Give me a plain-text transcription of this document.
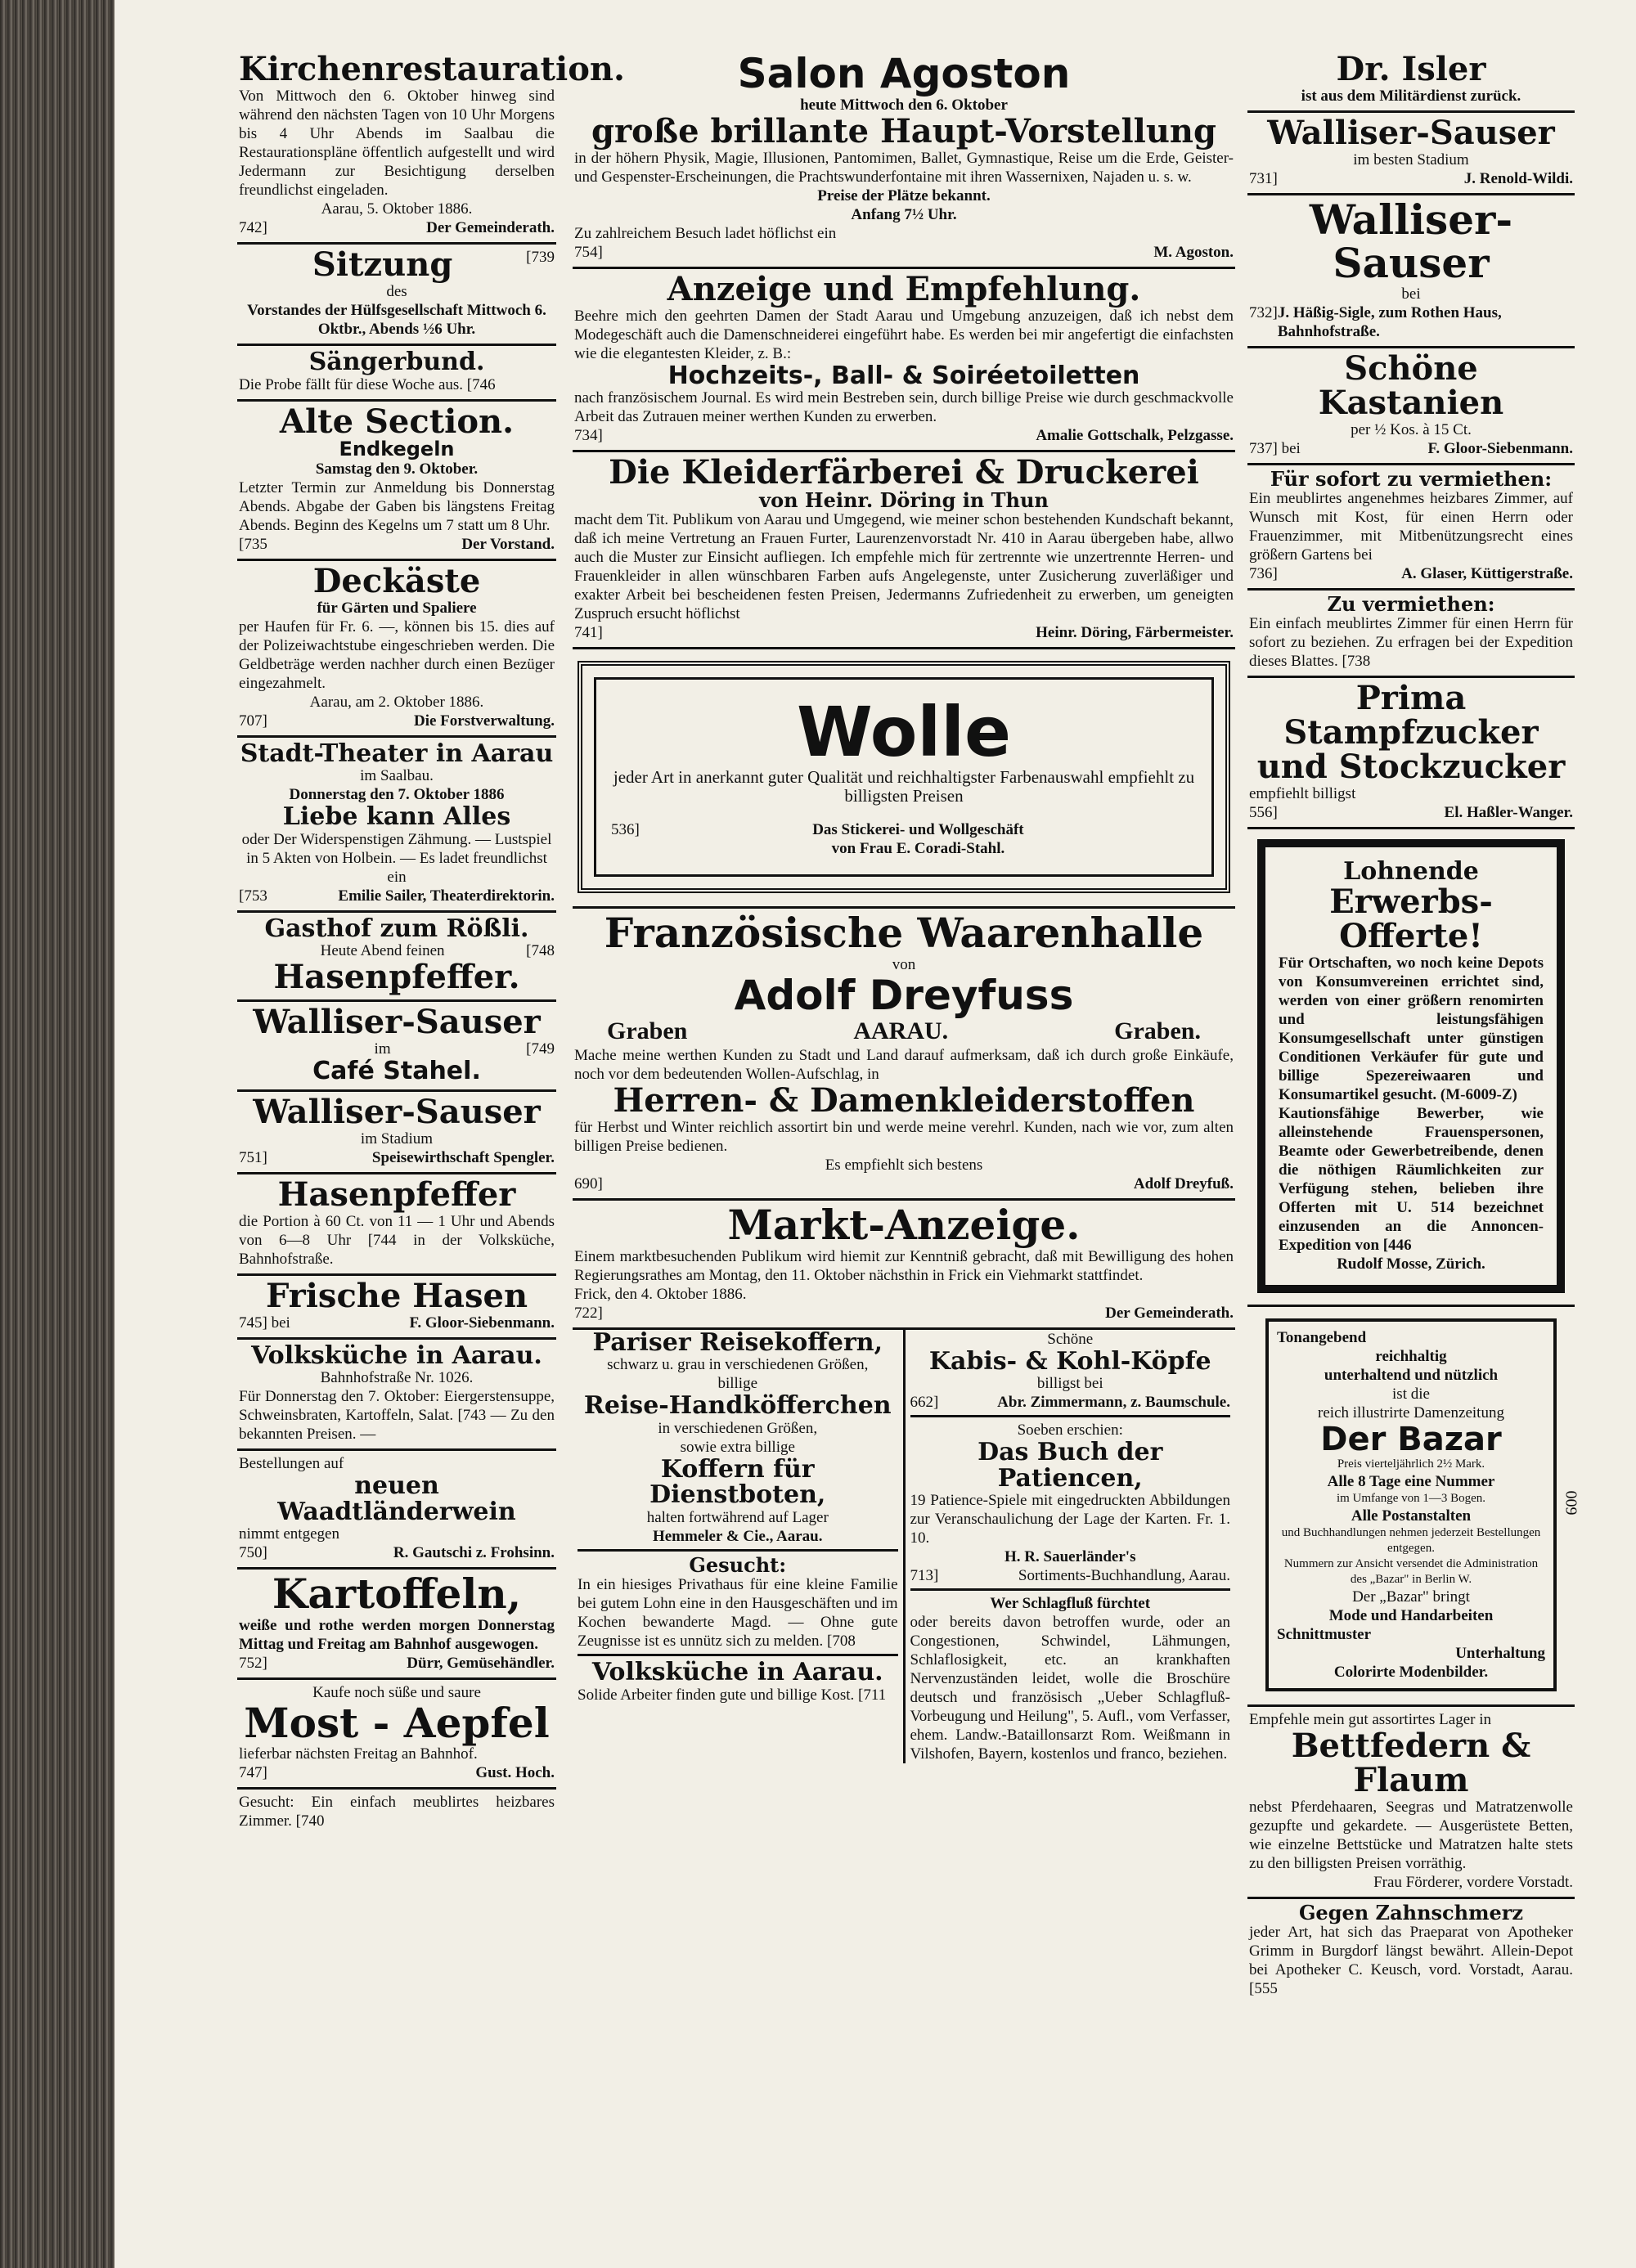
Kirchenrestauration.

Von Mittwoch den 6. Oktober hinweg sind während den nächsten Tagen von 10 Uhr Morgens bis 4 Uhr Abends im Saalbau die Restaurationspläne öffentlich aufgestellt und wird Jedermann zur Besichtigung derselben freundlichst eingeladen.

Aarau, 5. Oktober 1886.

742]	Der Gemeinderath.
Sitzung	[739

des

Vorstandes der Hülfsgesellschaft Mittwoch 6. Oktbr., Abends ½6 Uhr.

Sängerbund.

Die Probe fällt für diese Woche aus. [746

Alte Section.

Endkegeln

Samstag den 9. Oktober.

Letzter Termin zur Anmeldung bis Donnerstag Abends. Abgabe der Gaben bis längstens Freitag Abends. Beginn des Kegelns um 7 statt um 8 Uhr.

[735	Der Vorstand.

Deckäste

für Gärten und Spaliere

per Haufen für Fr. 6. —, können bis 15. dies auf der Polizeiwachtstube eingeschrieben werden. Die Geldbeträge werden nachher durch einen Bezüger eingezahmelt.

Aarau, am 2. Oktober 1886.

707]	Die Forstverwaltung.

Stadt-Theater in Aarau

im Saalbau.

Donnerstag den 7. Oktober 1886

Liebe kann Alles

oder Der Widerspenstigen Zähmung. — Lustspiel in 5 Akten von Holbein. — Es ladet freundlichst ein

[753	Emilie Sailer, Theaterdirektorin.

Gasthof zum Rößli.

Heute Abend feinen	[748

Hasenpfeffer.

Walliser-Sauser

im	[749

Café Stahel.

Walliser-Sauser

im Stadium

751]	Speisewirthschaft Spengler.

Hasenpfeffer

die Portion à 60 Ct. von 11 — 1 Uhr und Abends von 6—8 Uhr [744 in der Volksküche, Bahnhofstraße.

Frische Hasen

745] bei	F. Gloor-Siebenmann.

Volksküche in Aarau.

Bahnhofstraße Nr. 1026.

Für Donnerstag den 7. Oktober: Eiergerstensuppe, Schweinsbraten, Kartoffeln, Salat. [743 — Zu den bekannten Preisen. —

Bestellungen auf

neuen Waadtländerwein

nimmt entgegen

750]	R. Gautschi z. Frohsinn.

Kartoffeln,

weiße und rothe werden morgen Donnerstag Mittag und Freitag am Bahnhof ausgewogen.

752]	Dürr, Gemüsehändler.

Kaufe noch süße und saure

Most - Aepfel

lieferbar nächsten Freitag an Bahnhof.

747]	Gust. Hoch.

Gesucht: Ein einfach meublirtes heizbares Zimmer. [740

Salon Agoston

heute Mittwoch den 6. Oktober

große brillante Haupt-Vorstellung

in der höhern Physik, Magie, Illusionen, Pantomimen, Ballet, Gymnastique, Reise um die Erde, Geister- und Gespenster-Erscheinungen, die Prachtswunderfontaine mit ihren Wassernixen, Najaden u. s. w.

Preise der Plätze bekannt.

Anfang 7½ Uhr.

Zu zahlreichem Besuch ladet höflichst ein

754]	M. Agoston.

Anzeige und Empfehlung.

Beehre mich den geehrten Damen der Stadt Aarau und Umgebung anzuzeigen, daß ich nebst dem Modegeschäft auch die Damenschneiderei eingeführt habe. Es werden bei mir angefertigt die einfachsten wie die elegantesten Kleider, z. B.:

Hochzeits-, Ball- & Soiréetoiletten

nach französischem Journal. Es wird mein Bestreben sein, durch billige Preise wie durch geschmackvolle Arbeit das Zutrauen meiner werthen Kunden zu erwerben.

734]	Amalie Gottschalk, Pelzgasse.

Die Kleiderfärberei & Druckerei

von Heinr. Döring in Thun

macht dem Tit. Publikum von Aarau und Umgegend, wie meiner schon bestehenden Kundschaft bekannt, daß ich meine Vertretung an Frauen Furter, Laurenzenvorstadt Nr. 410 in Aarau übergeben habe, allwo auch die Muster zur Einsicht aufliegen. Ich empfehle mich für zertrennte wie unzertrennte Herren- und Frauenkleider in allen wünschbaren Farben aufs Angelegenste, unter Zusicherung zuverläßiger und exakter Arbeit bei bescheidenen festen Preisen, Jedermanns Zufriedenheit zu erwerben, um geneigten Zuspruch ersucht höflichst

741]	Heinr. Döring, Färbermeister.

Wolle

jeder Art in anerkannt guter Qualität und reichhaltigster Farbenauswahl empfiehlt zu billigsten Preisen

536]	Das Stickerei- und Wollgeschäft
von Frau E. Coradi-Stahl.

Französische Waarenhalle

von

Adolf Dreyfuss

Graben	AARAU.	Graben.

Mache meine werthen Kunden zu Stadt und Land darauf aufmerksam, daß ich durch große Einkäufe, noch vor dem bedeutenden Wollen-Aufschlag, in

Herren- & Damenkleiderstoffen

für Herbst und Winter reichlich assortirt bin und werde meine verehrl. Kunden, nach wie vor, zum alten billigen Preise bedienen.

Es empfiehlt sich bestens

690]	Adolf Dreyfuß.

Markt-Anzeige.

Einem marktbesuchenden Publikum wird hiemit zur Kenntniß gebracht, daß mit Bewilligung des hohen Regierungsrathes am Montag, den 11. Oktober nächsthin in Frick ein Viehmarkt stattfindet.

Frick, den 4. Oktober 1886.

722]	Der Gemeinderath.

Pariser Reisekoffern,

schwarz u. grau in verschiedenen Größen,

billige

Reise-Handköfferchen

in verschiedenen Größen,

sowie extra billige

Koffern für Dienstboten,

halten fortwährend auf Lager

Hemmeler & Cie., Aarau.

Gesucht:

In ein hiesiges Privathaus für eine kleine Familie bei gutem Lohn eine in den Hausgeschäften und im Kochen bewanderte Magd. — Ohne gute Zeugnisse ist es unnütz sich zu melden. [708

Volksküche in Aarau.

Solide Arbeiter finden gute und billige Kost. [711

Schöne

Kabis- & Kohl-Köpfe

billigst bei

662]	Abr. Zimmermann, z. Baumschule.

Soeben erschien:

Das Buch der Patiencen,

19 Patience-Spiele mit eingedruckten Abbildungen zur Veranschaulichung der Lage der Karten. Fr. 1. 10.

H. R. Sauerländer's

713]	Sortiments-Buchhandlung, Aarau.

Wer Schlagfluß fürchtet

oder bereits davon betroffen wurde, oder an Congestionen, Schwindel, Lähmungen, Schlaflosigkeit, etc. an krankhaften Nervenzuständen leidet, wolle die Broschüre deutsch und französisch „Ueber Schlagfluß-Vorbeugung und Heilung", 5. Aufl., vom Verfasser, ehem. Landw.-Bataillonsarzt Rom. Weißmann in Vilshofen, Bayern, kostenlos und franco, beziehen.

Dr. Isler

ist aus dem Militärdienst zurück.

Walliser-Sauser

im besten Stadium

731]	J. Renold-Wildi.

Walliser-Sauser

bei

732] J. Häßig-Sigle, zum Rothen Haus, Bahnhofstraße.

Schöne Kastanien

per ½ Kos. à 15 Ct.

737] bei	F. Gloor-Siebenmann.

Für sofort zu vermiethen:

Ein meublirtes angenehmes heizbares Zimmer, auf Wunsch mit Kost, für einen Herrn oder Frauenzimmer, mit Mitbenützungsrecht eines größern Gartens bei

736]	A. Glaser, Küttigerstraße.

Zu vermiethen:

Ein einfach meublirtes Zimmer für einen Herrn für sofort zu beziehen. Zu erfragen bei der Expedition dieses Blattes. [738

Prima Stampfzucker und Stockzucker

empfiehlt billigst

556]	El. Haßler-Wanger.

Lohnende

Erwerbs-Offerte!

Für Ortschaften, wo noch keine Depots von Konsumvereinen errichtet sind, werden von einer größern renomirten und leistungsfähigen Konsumgesellschaft unter günstigen Conditionen Verkäufer für gute und billige Spezereiwaaren und Konsumartikel gesucht. (M-6009-Z)

Kautionsfähige Bewerber, wie alleinstehende Frauenspersonen, Beamte oder Gewerbetreibende, denen die nöthigen Räumlichkeiten zur Verfügung stehen, belieben ihre Offerten mit U. 514 bezeichnet einzusenden an die Annoncen-Expedition von [446

Rudolf Mosse, Zürich.

Tonangebend

reichhaltig

unterhaltend und nützlich

ist die

reich illustrirte Damenzeitung

Der Bazar

Preis vierteljährlich 2½ Mark.

Alle 8 Tage eine Nummer

im Umfange von 1—3 Bogen.

Alle Postanstalten

und Buchhandlungen nehmen jederzeit Bestellungen entgegen.

Nummern zur Ansicht versendet die Administration des „Bazar" in Berlin W.

Der „Bazar" bringt

Mode und Handarbeiten

Schnittmuster

Unterhaltung

Colorirte Modenbilder.

009

Empfehle mein gut assortirtes Lager in

Bettfedern & Flaum

nebst Pferdehaaren, Seegras und Matratzenwolle gezupfte und gekardete. — Ausgerüstete Betten, wie einzelne Bettstücke und Matratzen halte stets zu den billigsten Preisen vorräthig.

Frau Förderer, vordere Vorstadt.

Gegen Zahnschmerz

jeder Art, hat sich das Praeparat von Apotheker Grimm in Burgdorf längst bewährt. Allein-Depot bei Apotheker C. Keusch, vord. Vorstadt, Aarau. [555
